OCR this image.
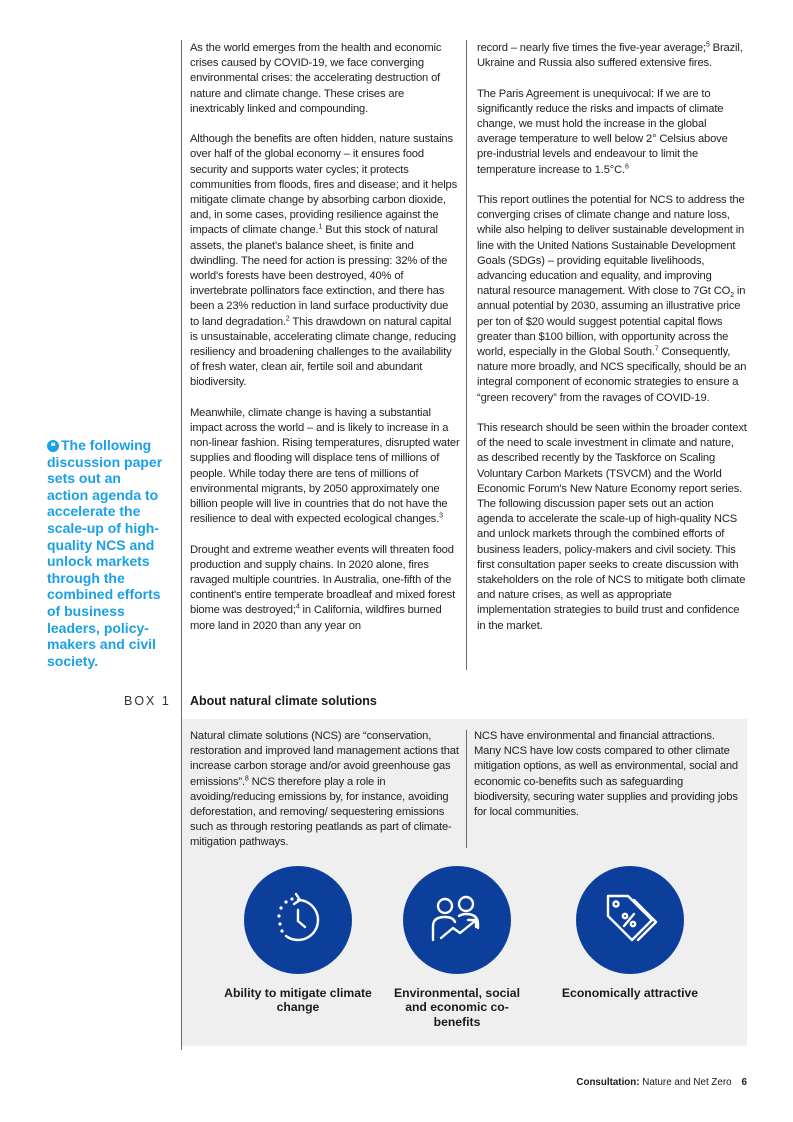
As the world emerges from the health and economic crises caused by COVID-19, we face converging environmental crises: the accelerating destruction of nature and climate change. These crises are inextricably linked and compounding.

Although the benefits are often hidden, nature sustains over half of the global economy – it ensures food security and supports water cycles; it protects communities from floods, fires and disease; and it helps mitigate climate change by absorbing carbon dioxide, and, in some cases, providing resilience against the impacts of climate change.$^1$ But this stock of natural assets, the planet's balance sheet, is finite and dwindling. The need for action is pressing: 32% of the world's forests have been destroyed, 40% of invertebrate pollinators face extinction, and there has been a 23% reduction in land surface productivity due to land degradation.$^2$ This drawdown on natural capital is unsustainable, accelerating climate change, reducing resiliency and broadening challenges to the availability of fresh water, clean air, fertile soil and abundant biodiversity.

Meanwhile, climate change is having a substantial impact across the world – and is likely to increase in a non-linear fashion. Rising temperatures, disrupted water supplies and flooding will displace tens of millions of people. While today there are tens of millions of environmental migrants, by 2050 approximately one billion people will live in countries that do not have the resilience to deal with expected ecological changes.$^3$

Drought and extreme weather events will threaten food production and supply chains. In 2020 alone, fires ravaged multiple countries. In Australia, one-fifth of the continent's entire temperate broadleaf and mixed forest biome was destroyed;$^4$ in California, wildfires burned more land in 2020 than any year on

record – nearly five times the five-year average;$^5$ Brazil, Ukraine and Russia also suffered extensive fires.

The Paris Agreement is unequivocal: If we are to significantly reduce the risks and impacts of climate change, we must hold the increase in the global average temperature to well below 2° Celsius above pre-industrial levels and endeavour to limit the temperature increase to 1.5°C.$^6$

This report outlines the potential for NCS to address the converging crises of climate change and nature loss, while also helping to deliver sustainable development in line with the United Nations Sustainable Development Goals (SDGs) – providing equitable livelihoods, advancing education and equality, and improving natural resource management. With close to 7Gt $CO_2$ in annual potential by 2030, assuming an illustrative price per ton of $20 would suggest potential capital flows greater than $100 billion, with opportunity across the world, especially in the Global South.$^7$ Consequently, nature more broadly, and NCS specifically, should be an integral component of economic strategies to ensure a “green recovery” from the ravages of COVID-19.

This research should be seen within the broader context of the need to scale investment in climate and nature, as described recently by the Taskforce on Scaling Voluntary Carbon Markets (TSVCM) and the World Economic Forum's New Nature Economy report series. The following discussion paper sets out an action agenda to accelerate the scale-up of high-quality NCS and unlock markets through the combined efforts of business leaders, policy-makers and civil society. This first consultation paper seeks to create discussion with stakeholders on the role of NCS to mitigate both climate and nature crises, as well as appropriate implementation strategies to build trust and confidence in the market.

❝ The following discussion paper sets out an action agenda to accelerate the scale-up of high-quality NCS and unlock markets through the combined efforts of business leaders, policy-makers and civil society.
BOX 1 About natural climate solutions

Natural climate solutions (NCS) are “conservation, restoration and improved land management actions that increase carbon storage and/or avoid greenhouse gas emissions”.$^8$ NCS therefore play a role in avoiding/reducing emissions by, for instance, avoiding deforestation, and removing/ sequestering emissions such as through restoring peatlands as part of climate-mitigation pathways.

NCS have environmental and financial attractions. Many NCS have low costs compared to other climate mitigation options, as well as environmental, social and economic co-benefits such as safeguarding biodiversity, securing water supplies and providing jobs for local communities.

Ability to mitigate climate change
Environmental, social and economic co-benefits
Economically attractive
Consultation: Nature and Net Zero 6
